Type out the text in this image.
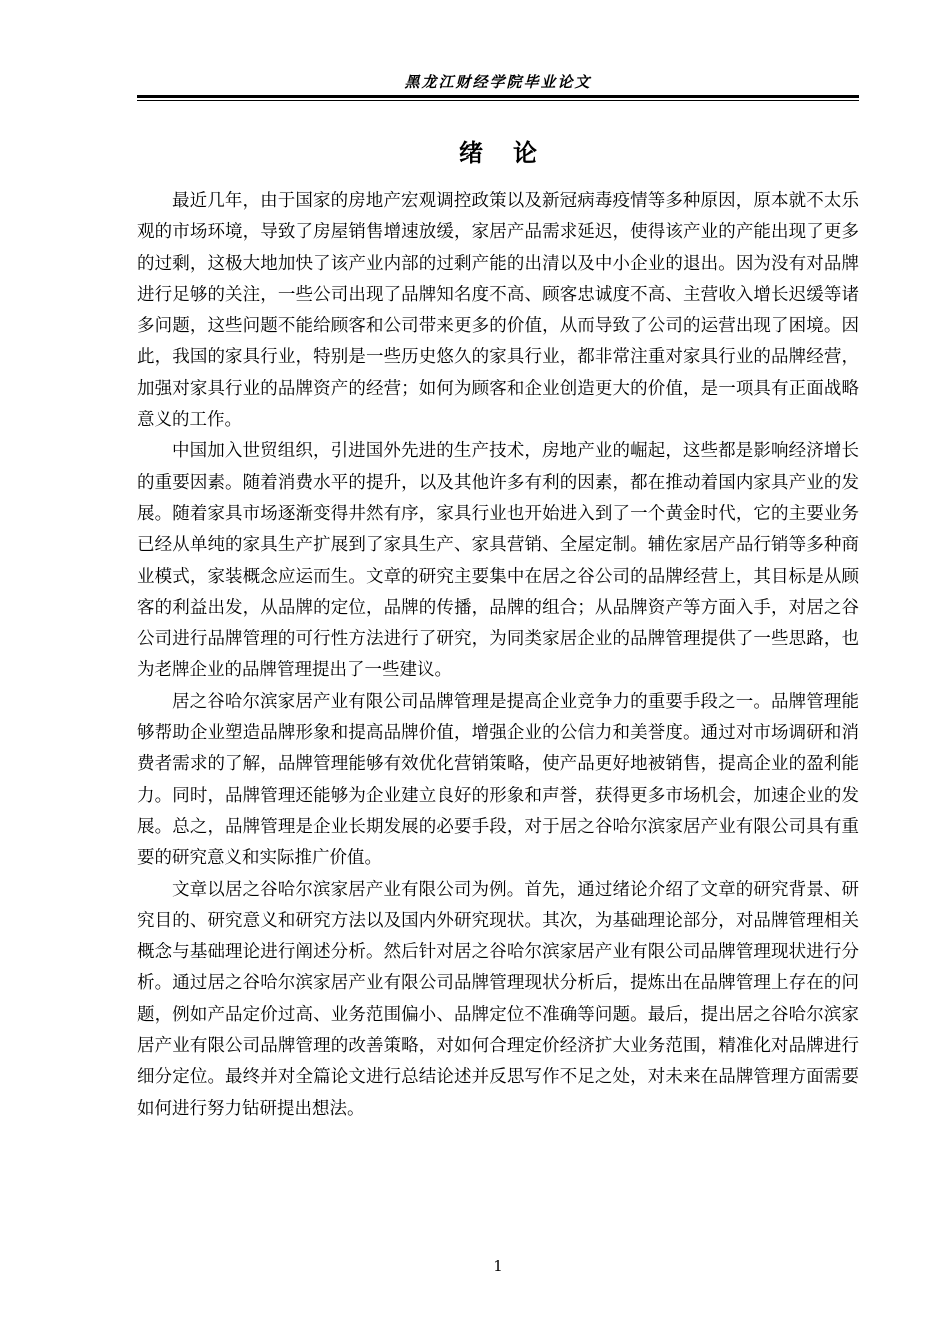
黑龙江财经学院毕业论文
绪论

最近几年，由于国家的房地产宏观调控政策以及新冠病毒疫情等多种原因，原本就不太乐观的市场环境，导致了房屋销售增速放缓，家居产品需求延迟，使得该产业的产能出现了更多的过剩，这极大地加快了该产业内部的过剩产能的出清以及中小企业的退出。因为没有对品牌进行足够的关注，一些公司出现了品牌知名度不高、顾客忠诚度不高、主营收入增长迟缓等诸多问题，这些问题不能给顾客和公司带来更多的价值，从而导致了公司的运营出现了困境。因此，我国的家具行业，特别是一些历史悠久的家具行业，都非常注重对家具行业的品牌经营，加强对家具行业的品牌资产的经营；如何为顾客和企业创造更大的价值，是一项具有正面战略意义的工作。

中国加入世贸组织，引进国外先进的生产技术，房地产业的崛起，这些都是影响经济增长的重要因素。随着消费水平的提升，以及其他许多有利的因素，都在推动着国内家具产业的发展。随着家具市场逐渐变得井然有序，家具行业也开始进入到了一个黄金时代，它的主要业务已经从单纯的家具生产扩展到了家具生产、家具营销、全屋定制。辅佐家居产品行销等多种商业模式，家装概念应运而生。文章的研究主要集中在居之谷公司的品牌经营上，其目标是从顾客的利益出发，从品牌的定位，品牌的传播，品牌的组合；从品牌资产等方面入手，对居之谷公司进行品牌管理的可行性方法进行了研究，为同类家居企业的品牌管理提供了一些思路，也为老牌企业的品牌管理提出了一些建议。

居之谷哈尔滨家居产业有限公司品牌管理是提高企业竞争力的重要手段之一。品牌管理能够帮助企业塑造品牌形象和提高品牌价值，增强企业的公信力和美誉度。通过对市场调研和消费者需求的了解，品牌管理能够有效优化营销策略，使产品更好地被销售，提高企业的盈利能力。同时，品牌管理还能够为企业建立良好的形象和声誉，获得更多市场机会，加速企业的发展。总之，品牌管理是企业长期发展的必要手段，对于居之谷哈尔滨家居产业有限公司具有重要的研究意义和实际推广价值。

文章以居之谷哈尔滨家居产业有限公司为例。首先，通过绪论介绍了文章的研究背景、研究目的、研究意义和研究方法以及国内外研究现状。其次，为基础理论部分，对品牌管理相关概念与基础理论进行阐述分析。然后针对居之谷哈尔滨家居产业有限公司品牌管理现状进行分析。通过居之谷哈尔滨家居产业有限公司品牌管理现状分析后，提炼出在品牌管理上存在的问题，例如产品定价过高、业务范围偏小、品牌定位不准确等问题。最后，提出居之谷哈尔滨家居产业有限公司品牌管理的改善策略，对如何合理定价经济扩大业务范围，精准化对品牌进行细分定位。最终并对全篇论文进行总结论述并反思写作不足之处，对未来在品牌管理方面需要如何进行努力钻研提出想法。

1
